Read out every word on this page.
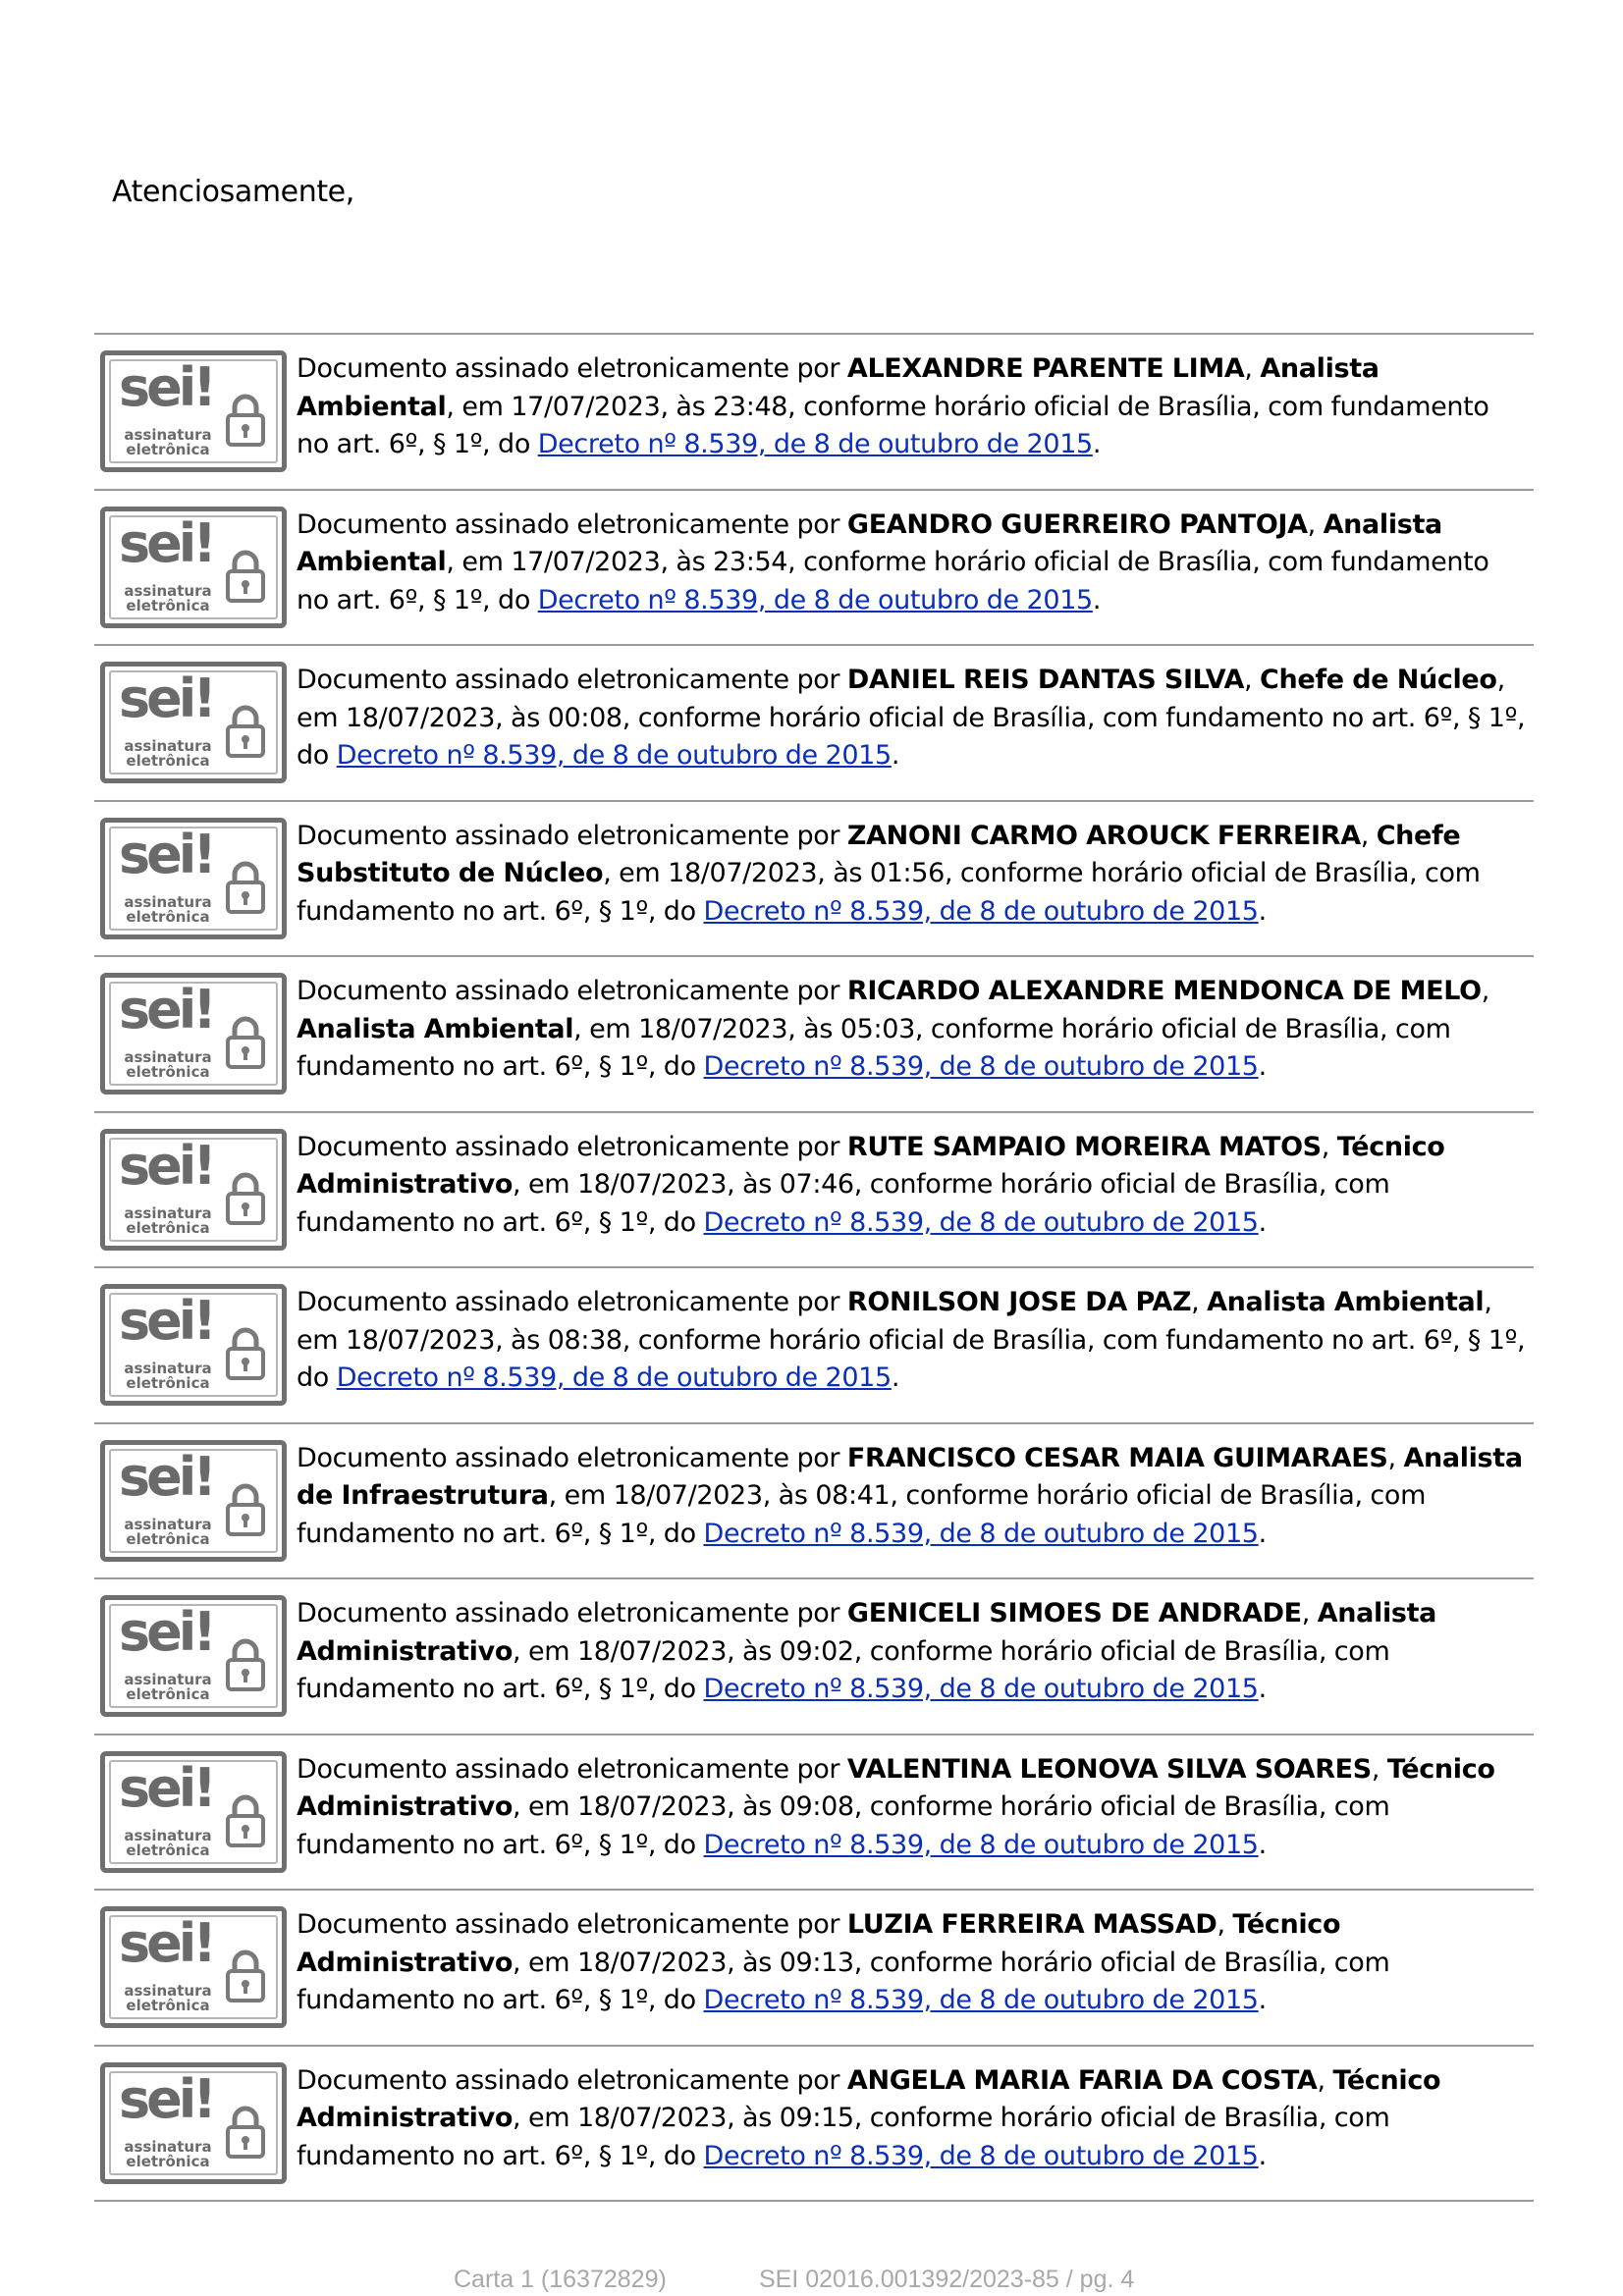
Atenciosamente,
sei!
assinatura
eletrônica
Documento assinado eletronicamente por ALEXANDRE PARENTE LIMA, Analista Ambiental, em 17/07/2023, às 23:48, conforme horário oficial de Brasília, com fundamento no art. 6º, § 1º, do Decreto nº 8.539, de 8 de outubro de 2015.
sei!
assinatura
eletrônica
Documento assinado eletronicamente por GEANDRO GUERREIRO PANTOJA, Analista Ambiental, em 17/07/2023, às 23:54, conforme horário oficial de Brasília, com fundamento no art. 6º, § 1º, do Decreto nº 8.539, de 8 de outubro de 2015.
sei!
assinatura
eletrônica
Documento assinado eletronicamente por DANIEL REIS DANTAS SILVA, Chefe de Núcleo, em 18/07/2023, às 00:08, conforme horário oficial de Brasília, com fundamento no art. 6º, § 1º, do Decreto nº 8.539, de 8 de outubro de 2015.
sei!
assinatura
eletrônica
Documento assinado eletronicamente por ZANONI CARMO AROUCK FERREIRA, Chefe Substituto de Núcleo, em 18/07/2023, às 01:56, conforme horário oficial de Brasília, com fundamento no art. 6º, § 1º, do Decreto nº 8.539, de 8 de outubro de 2015.
sei!
assinatura
eletrônica
Documento assinado eletronicamente por RICARDO ALEXANDRE MENDONCA DE MELO, Analista Ambiental, em 18/07/2023, às 05:03, conforme horário oficial de Brasília, com fundamento no art. 6º, § 1º, do Decreto nº 8.539, de 8 de outubro de 2015.
sei!
assinatura
eletrônica
Documento assinado eletronicamente por RUTE SAMPAIO MOREIRA MATOS, Técnico Administrativo, em 18/07/2023, às 07:46, conforme horário oficial de Brasília, com fundamento no art. 6º, § 1º, do Decreto nº 8.539, de 8 de outubro de 2015.
sei!
assinatura
eletrônica
Documento assinado eletronicamente por RONILSON JOSE DA PAZ, Analista Ambiental, em 18/07/2023, às 08:38, conforme horário oficial de Brasília, com fundamento no art. 6º, § 1º, do Decreto nº 8.539, de 8 de outubro de 2015.
sei!
assinatura
eletrônica
Documento assinado eletronicamente por FRANCISCO CESAR MAIA GUIMARAES, Analista de Infraestrutura, em 18/07/2023, às 08:41, conforme horário oficial de Brasília, com fundamento no art. 6º, § 1º, do Decreto nº 8.539, de 8 de outubro de 2015.
sei!
assinatura
eletrônica
Documento assinado eletronicamente por GENICELI SIMOES DE ANDRADE, Analista Administrativo, em 18/07/2023, às 09:02, conforme horário oficial de Brasília, com fundamento no art. 6º, § 1º, do Decreto nº 8.539, de 8 de outubro de 2015.
sei!
assinatura
eletrônica
Documento assinado eletronicamente por VALENTINA LEONOVA SILVA SOARES, Técnico Administrativo, em 18/07/2023, às 09:08, conforme horário oficial de Brasília, com fundamento no art. 6º, § 1º, do Decreto nº 8.539, de 8 de outubro de 2015.
sei!
assinatura
eletrônica
Documento assinado eletronicamente por LUZIA FERREIRA MASSAD, Técnico Administrativo, em 18/07/2023, às 09:13, conforme horário oficial de Brasília, com fundamento no art. 6º, § 1º, do Decreto nº 8.539, de 8 de outubro de 2015.
sei!
assinatura
eletrônica
Documento assinado eletronicamente por ANGELA MARIA FARIA DA COSTA, Técnico Administrativo, em 18/07/2023, às 09:15, conforme horário oficial de Brasília, com fundamento no art. 6º, § 1º, do Decreto nº 8.539, de 8 de outubro de 2015.
Carta 1 (16372829)	SEI 02016.001392/2023-85 / pg. 4
